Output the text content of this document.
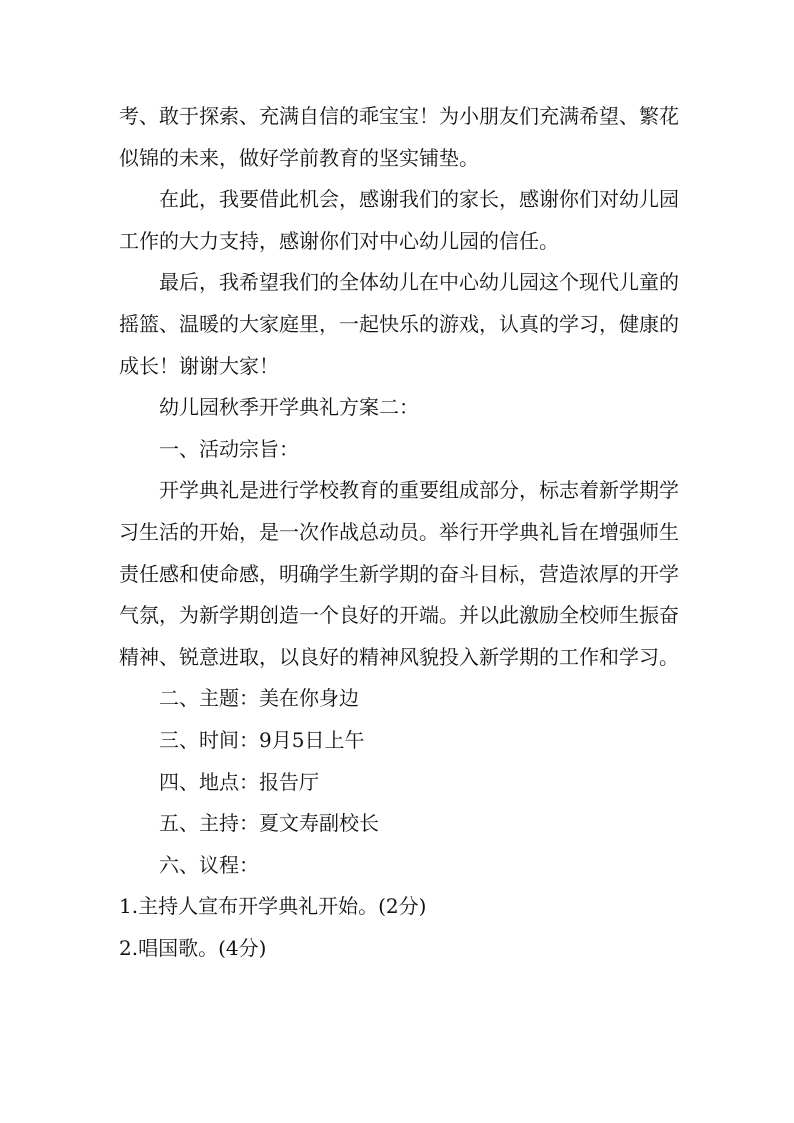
考、敢于探索、充满自信的乖宝宝！为小朋友们充满希望、繁花似锦的未来，做好学前教育的坚实铺垫。

在此，我要借此机会，感谢我们的家长，感谢你们对幼儿园工作的大力支持，感谢你们对中心幼儿园的信任。

最后，我希望我们的全体幼儿在中心幼儿园这个现代儿童的摇篮、温暖的大家庭里，一起快乐的游戏，认真的学习，健康的成长！谢谢大家！

幼儿园秋季开学典礼方案二：

一、活动宗旨：

开学典礼是进行学校教育的重要组成部分，标志着新学期学习生活的开始，是一次作战总动员。举行开学典礼旨在增强师生责任感和使命感，明确学生新学期的奋斗目标，营造浓厚的开学气氛，为新学期创造一个良好的开端。并以此激励全校师生振奋精神、锐意进取，以良好的精神风貌投入新学期的工作和学习。

二、主题：美在你身边

三、时间：9月5日上午

四、地点：报告厅

五、主持：夏文寿副校长

六、议程：

1.主持人宣布开学典礼开始。(2分)

2.唱国歌。(4分)
